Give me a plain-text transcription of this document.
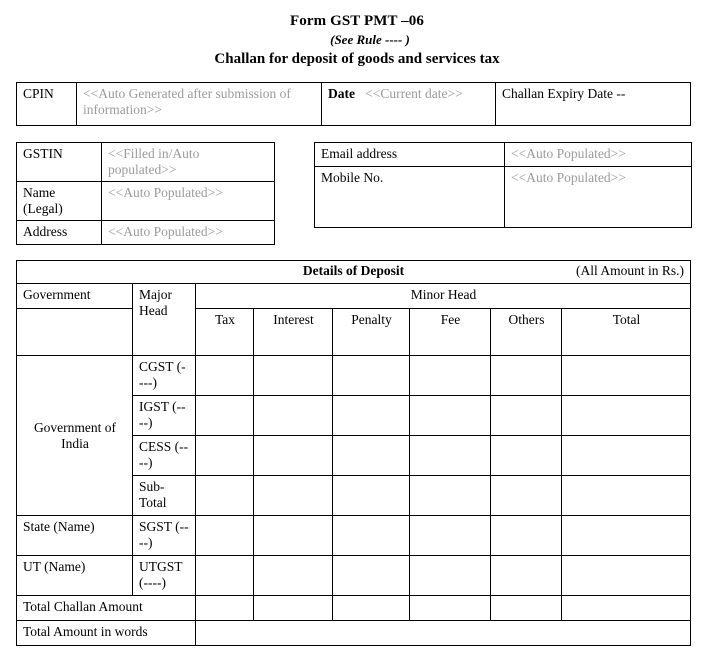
Form GST PMT –06
(See Rule ---- )
Challan for deposit of goods and services tax
CPIN	<<Auto Generated after submission of information>>	Date <<Current date>>	Challan Expiry Date --
GSTIN	<<Filled in/Auto populated>>
Name (Legal)	<<Auto Populated>>
Address	<<Auto Populated>>
Email address	<<Auto Populated>>
Mobile No.	<<Auto Populated>>
Details of Deposit (All Amount in Rs.)							

Government	Major Head	Minor Head					
		Tax	Interest	Penalty	Fee	Others	Total
Government of India	CGST (----)						
	IGST (----)						
	CESS (----)						
	Sub-Total						
State (Name)	SGST (----)						
UT (Name)	UTGST (----)						
Total Challan Amount							
Total Amount in words							
